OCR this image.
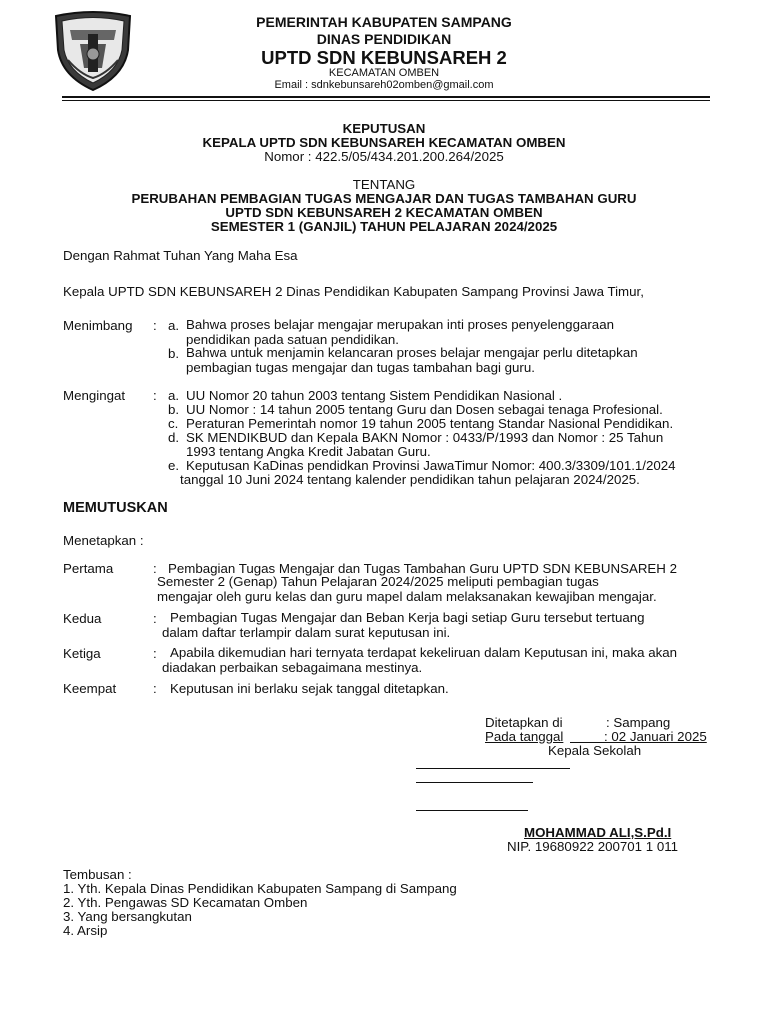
PEMERINTAH KABUPATEN SAMPANG
DINAS PENDIDIKAN
UPTD SDN KEBUNSAREH 2
KECAMATAN OMBEN
Email : sdnkebunsareh02omben@gmail.com
KEPUTUSAN
KEPALA UPTD SDN KEBUNSAREH KECAMATAN OMBEN
Nomor : 422.5/05/434.201.200.264/2025
TENTANG
PERUBAHAN PEMBAGIAN TUGAS MENGAJAR DAN TUGAS TAMBAHAN GURU
UPTD SDN KEBUNSAREH 2 KECAMATAN OMBEN
SEMESTER 1 (GANJIL) TAHUN PELAJARAN 2024/2025
Dengan Rahmat Tuhan Yang Maha Esa
Kepala UPTD SDN KEBUNSAREH 2 Dinas Pendidikan Kabupaten Sampang Provinsi Jawa Timur,
Menimbang : a. Bahwa proses belajar mengajar merupakan inti proses penyelenggaraan
pendidikan pada satuan pendidikan.
b. Bahwa untuk menjamin kelancaran proses belajar mengajar perlu ditetapkan
pembagian tugas mengajar dan tugas tambahan bagi guru.
Mengingat : a. UU Nomor 20 tahun 2003 tentang Sistem Pendidikan Nasional .
b. UU Nomor : 14 tahun 2005 tentang Guru dan Dosen sebagai tenaga Profesional.
c. Peraturan Pemerintah nomor 19 tahun 2005 tentang Standar Nasional Pendidikan.
d. SK MENDIKBUD dan Kepala BAKN Nomor : 0433/P/1993 dan Nomor : 25 Tahun
1993 tentang Angka Kredit Jabatan Guru.
e. Keputusan KaDinas pendidkan Provinsi JawaTimur Nomor: 400.3/3309/101.1/2024
tanggal 10 Juni 2024 tentang kalender pendidikan tahun pelajaran 2024/2025.
MEMUTUSKAN
Menetapkan :
Pertama	: Pembagian Tugas Mengajar dan Tugas Tambahan Guru UPTD SDN KEBUNSAREH 2
Semester 2 (Genap) Tahun Pelajaran 2024/2025 meliputi pembagian tugas
mengajar oleh guru kelas dan guru mapel dalam melaksanakan kewajiban mengajar.
Kedua	: Pembagian Tugas Mengajar dan Beban Kerja bagi setiap Guru tersebut tertuang
dalam daftar terlampir dalam surat keputusan ini.
Ketiga	: Apabila dikemudian hari ternyata terdapat kekeliruan dalam Keputusan ini, maka akan
diadakan perbaikan sebagaimana mestinya.
Keempat	: Keputusan ini berlaku sejak tanggal ditetapkan.
Ditetapkan di	: Sampang
Pada tanggal	: 02 Januari 2025
Kepala Sekolah
MOHAMMAD ALI,S.Pd.I
NIP. 19680922 200701 1 011
Tembusan :
1. Yth. Kepala Dinas Pendidikan Kabupaten Sampang di Sampang
2. Yth. Pengawas SD Kecamatan Omben
3. Yang bersangkutan
4. Arsip
